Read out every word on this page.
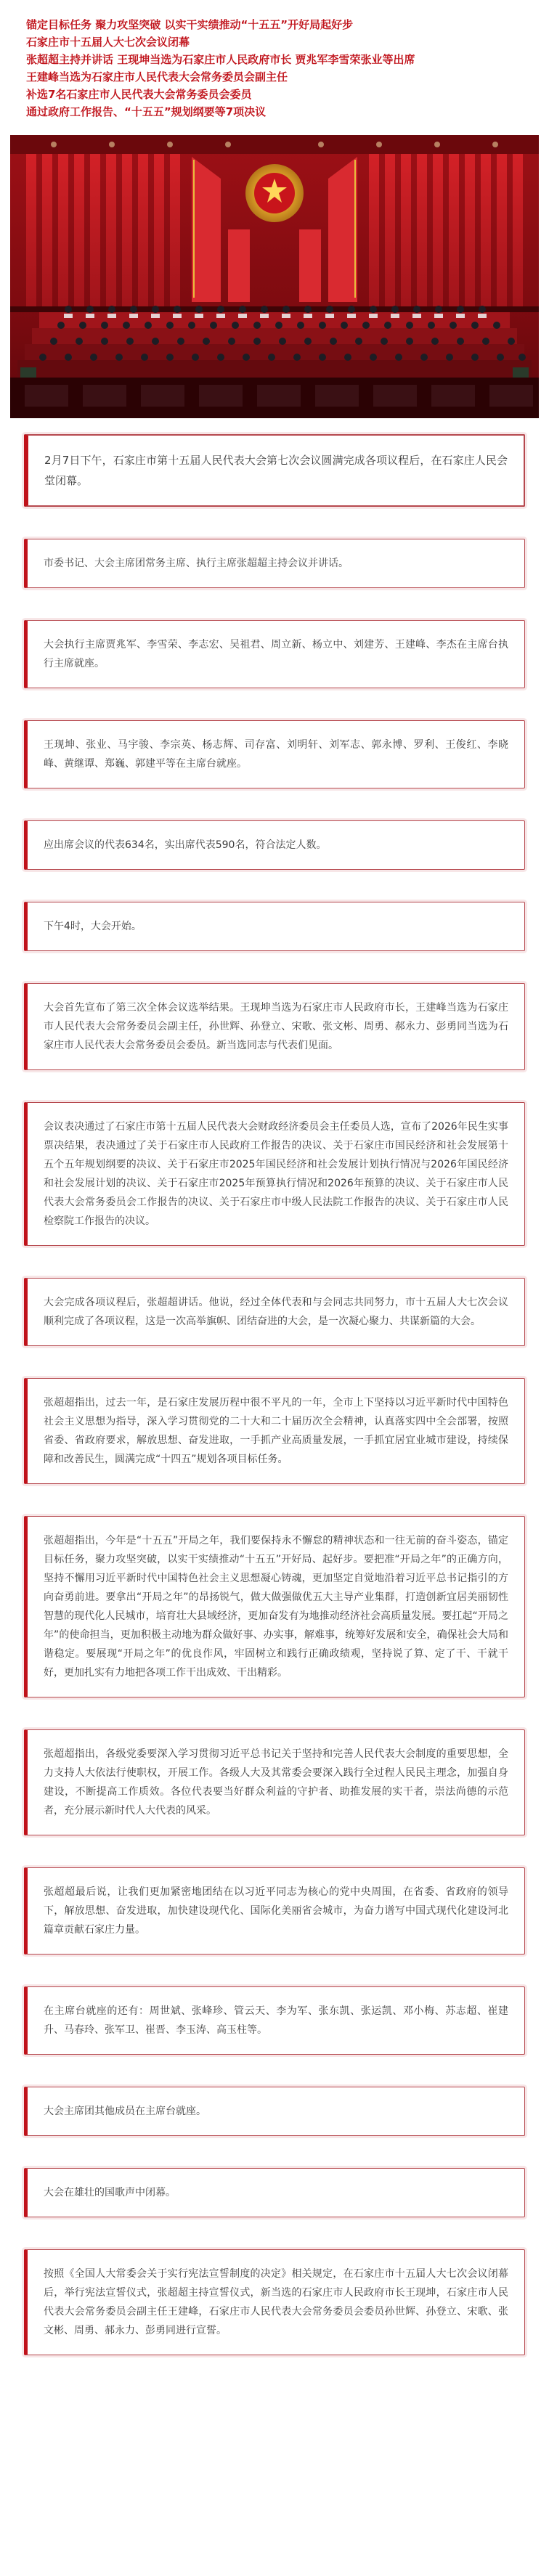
锚定目标任务 聚力攻坚突破 以实干实绩推动“十五五”开好局起好步
石家庄市十五届人大七次会议闭幕
张超超主持并讲话 王现坤当选为石家庄市人民政府市长 贾兆军李雪荣张业等出席
王建峰当选为石家庄市人民代表大会常务委员会副主任
补选7名石家庄市人民代表大会常务委员会委员
通过政府工作报告、“十五五”规划纲要等7项决议
2月7日下午，石家庄市第十五届人民代表大会第七次会议圆满完成各项议程后，在石家庄人民会堂闭幕。
市委书记、大会主席团常务主席、执行主席张超超主持会议并讲话。
大会执行主席贾兆军、李雪荣、李志宏、吴祖君、周立新、杨立中、刘建芳、王建峰、李杰在主席台执行主席就座。
王现坤、张业、马宇骏、李宗英、杨志辉、司存富、刘明轩、刘军志、郭永博、罗利、王俊红、李晓峰、黄继谭、郑巍、郭建平等在主席台就座。
应出席会议的代表634名，实出席代表590名，符合法定人数。
下午4时，大会开始。
大会首先宣布了第三次全体会议选举结果。王现坤当选为石家庄市人民政府市长，王建峰当选为石家庄市人民代表大会常务委员会副主任，孙世辉、孙登立、宋歌、张文彬、周勇、郝永力、彭勇同当选为石家庄市人民代表大会常务委员会委员。新当选同志与代表们见面。
会议表决通过了石家庄市第十五届人民代表大会财政经济委员会主任委员人选，宣布了2026年民生实事票决结果，表决通过了关于石家庄市人民政府工作报告的决议、关于石家庄市国民经济和社会发展第十五个五年规划纲要的决议、关于石家庄市2025年国民经济和社会发展计划执行情况与2026年国民经济和社会发展计划的决议、关于石家庄市2025年预算执行情况和2026年预算的决议、关于石家庄市人民代表大会常务委员会工作报告的决议、关于石家庄市中级人民法院工作报告的决议、关于石家庄市人民检察院工作报告的决议。
大会完成各项议程后，张超超讲话。他说，经过全体代表和与会同志共同努力，市十五届人大七次会议顺利完成了各项议程，这是一次高举旗帜、团结奋进的大会，是一次凝心聚力、共谋新篇的大会。
张超超指出，过去一年，是石家庄发展历程中很不平凡的一年，全市上下坚持以习近平新时代中国特色社会主义思想为指导，深入学习贯彻党的二十大和二十届历次全会精神，认真落实四中全会部署，按照省委、省政府要求，解放思想、奋发进取，一手抓产业高质量发展，一手抓宜居宜业城市建设，持续保障和改善民生，圆满完成“十四五”规划各项目标任务。
张超超指出，今年是“十五五”开局之年，我们要保持永不懈怠的精神状态和一往无前的奋斗姿态，锚定目标任务，聚力攻坚突破，以实干实绩推动“十五五”开好局、起好步。要把准“开局之年”的正确方向，坚持不懈用习近平新时代中国特色社会主义思想凝心铸魂，更加坚定自觉地沿着习近平总书记指引的方向奋勇前进。要拿出“开局之年”的昂扬锐气，做大做强做优五大主导产业集群，打造创新宜居美丽韧性智慧的现代化人民城市，培育壮大县域经济，更加奋发有为地推动经济社会高质量发展。要扛起“开局之年”的使命担当，更加积极主动地为群众做好事、办实事，解难事，统筹好发展和安全，确保社会大局和谐稳定。要展现“开局之年”的优良作风，牢固树立和践行正确政绩观，坚持说了算、定了干、干就干好，更加扎实有力地把各项工作干出成效、干出精彩。
张超超指出，各级党委要深入学习贯彻习近平总书记关于坚持和完善人民代表大会制度的重要思想，全力支持人大依法行使职权，开展工作。各级人大及其常委会要深入践行全过程人民民主理念，加强自身建设，不断提高工作质效。各位代表要当好群众利益的守护者、助推发展的实干者，崇法尚德的示范者，充分展示新时代人大代表的风采。
张超超最后说，让我们更加紧密地团结在以习近平同志为核心的党中央周围，在省委、省政府的领导下，解放思想、奋发进取，加快建设现代化、国际化美丽省会城市，为奋力谱写中国式现代化建设河北篇章贡献石家庄力量。
在主席台就座的还有：周世斌、张峰珍、管云天、李为军、张东凯、张运凯、邓小梅、苏志超、崔建升、马春玲、张军卫、崔晋、李玉涛、高玉柱等。
大会主席团其他成员在主席台就座。
大会在雄壮的国歌声中闭幕。
按照《全国人大常委会关于实行宪法宣誓制度的决定》相关规定，在石家庄市十五届人大七次会议闭幕后，举行宪法宣誓仪式，张超超主持宣誓仪式，新当选的石家庄市人民政府市长王现坤，石家庄市人民代表大会常务委员会副主任王建峰，石家庄市人民代表大会常务委员会委员孙世辉、孙登立、宋歌、张文彬、周勇、郝永力、彭勇同进行宣誓。
